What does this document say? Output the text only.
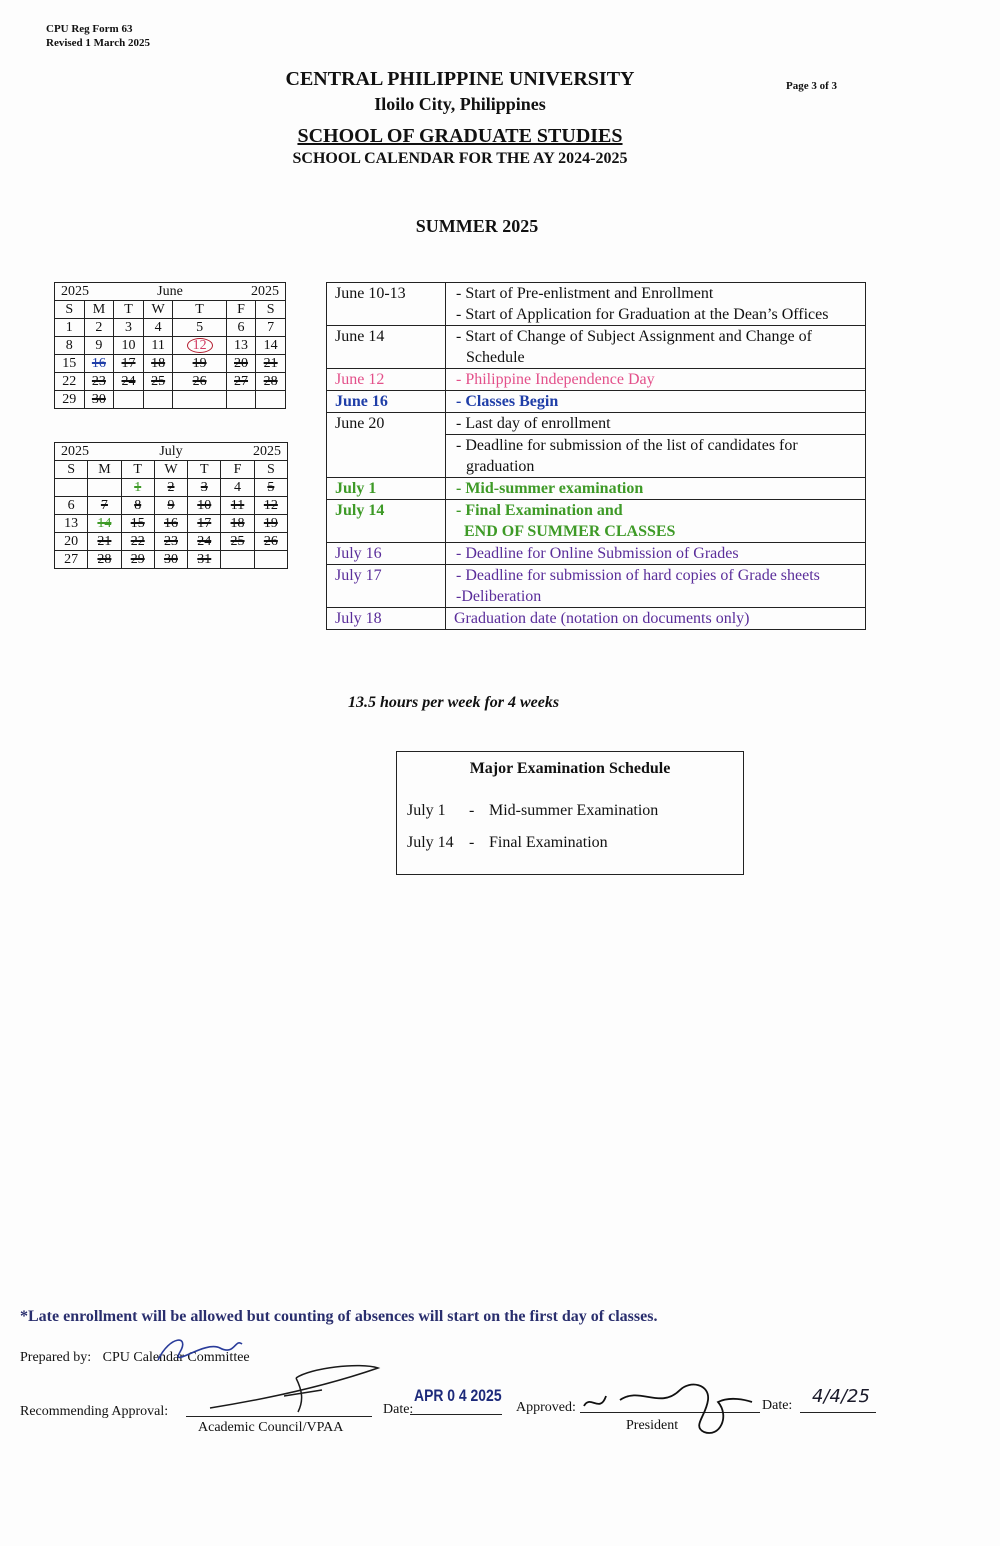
CPU Reg Form 63
Revised 1 March 2025
Page 3 of 3
CENTRAL PHILIPPINE UNIVERSITY
Iloilo City, Philippines
SCHOOL OF GRADUATE STUDIES
SCHOOL CALENDAR FOR THE AY 2024-2025
SUMMER 2025
2025 2025
June						

S	M	T	W	T	F	S
1	2	3	4	5	6	7
8	9	10	11	12	13	14
15	16	17	18	19	20	21
22	23	24	25	26	27	28
29	30					
2025 2025
July						

S	M	T	W	T	F	S
		1	2	3	4	5
6	7	8	9	10	11	12
13	14	15	16	17	18	19
20	21	22	23	24	25	26
27	28	29	30	31		
June 10-13	- Start of Pre-enlistment and Enrollment
- Start of Application for Graduation at the Dean’s Offices

June 14	- Start of Change of Subject Assignment and Change of Schedule

June 12	- Philippine Independence Day

June 16	- Classes Begin

June 20	- Last day of enrollment

	- Deadline for submission of the list of candidates for graduation

July 1	- Mid-summer examination

July 14	- Final Examination and
END OF SUMMER CLASSES

July 16	- Deadline for Online Submission of Grades

July 17	- Deadline for submission of hard copies of Grade sheets
-Deliberation

July 18	Graduation date (notation on documents only)
13.5 hours per week for 4 weeks
Major Examination Schedule
July 1 - Mid-summer Examination
July 14 - Final Examination
*Late enrollment will be allowed but counting of absences will start on the first day of classes.
Prepared by: CPU Calendar Committee
Recommending Approval:
Academic Council/VPAA
Date:
APR 0 4 2025
Approved:
President
Date: 4/4/25
